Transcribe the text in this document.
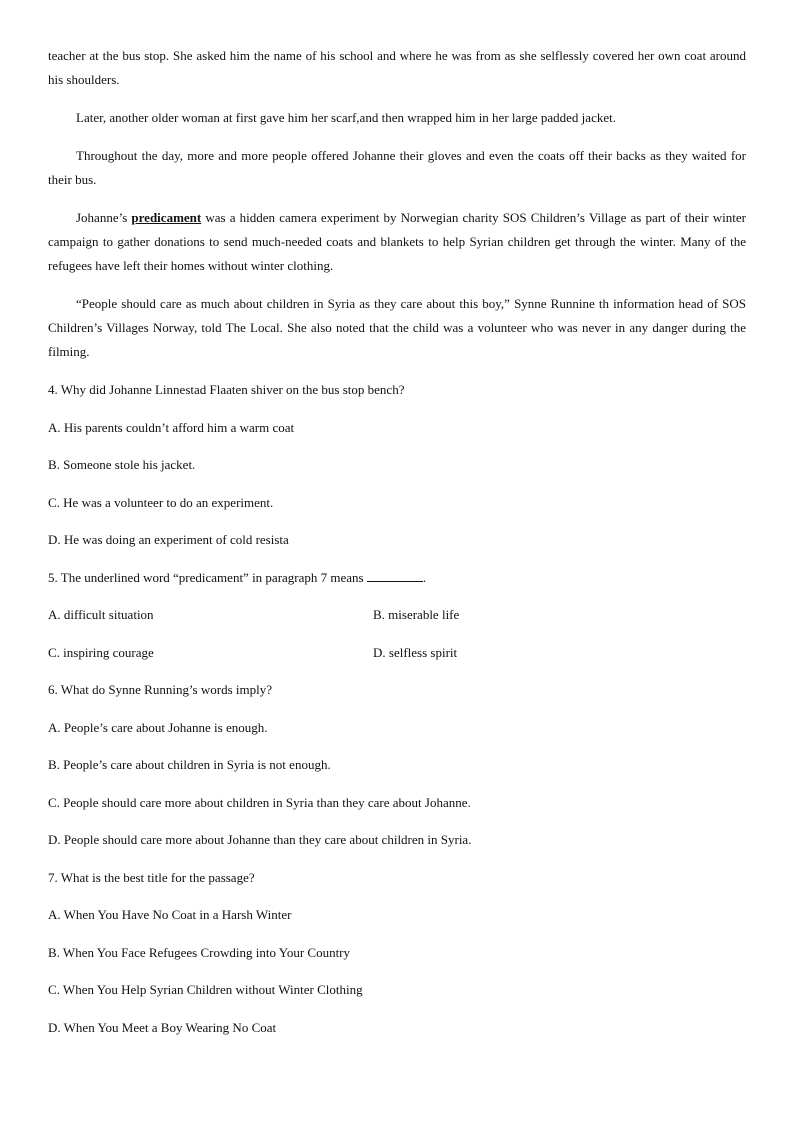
teacher at the bus stop. She asked him the name of his school and where he was from as she selflessly covered her own coat around his shoulders.

Later, another older woman at first gave him her scarf,and then wrapped him in her large padded jacket.

Throughout the day, more and more people offered Johanne their gloves and even the coats off their backs as they waited for their bus.

Johanne’s predicament was a hidden camera experiment by Norwegian charity SOS Children’s Village as part of their winter campaign to gather donations to send much-needed coats and blankets to help Syrian children get through the winter. Many of the refugees have left their homes without winter clothing.

“People should care as much about children in Syria as they care about this boy,” Synne Runnine th information head of SOS Children’s Villages Norway, told The Local. She also noted that the child was a volunteer who was never in any danger during the filming.

4. Why did Johanne Linnestad Flaaten shiver on the bus stop bench?
A. His parents couldn’t afford him a warm coat
B. Someone stole his jacket.
C. He was a volunteer to do an experiment.
D. He was doing an experiment of cold resista
5. The underlined word “predicament” in paragraph 7 means	.
A. difficult situation	B. miserable life
C. inspiring courage	D. selfless spirit
6. What do Synne Running’s words imply?
A. People’s care about Johanne is enough.
B. People’s care about children in Syria is not enough.
C. People should care more about children in Syria than they care about Johanne.
D. People should care more about Johanne than they care about children in Syria.
7. What is the best title for the passage?
A. When You Have No Coat in a Harsh Winter
B. When You Face Refugees Crowding into Your Country
C. When You Help Syrian Children without Winter Clothing
D. When You Meet a Boy Wearing No Coat
